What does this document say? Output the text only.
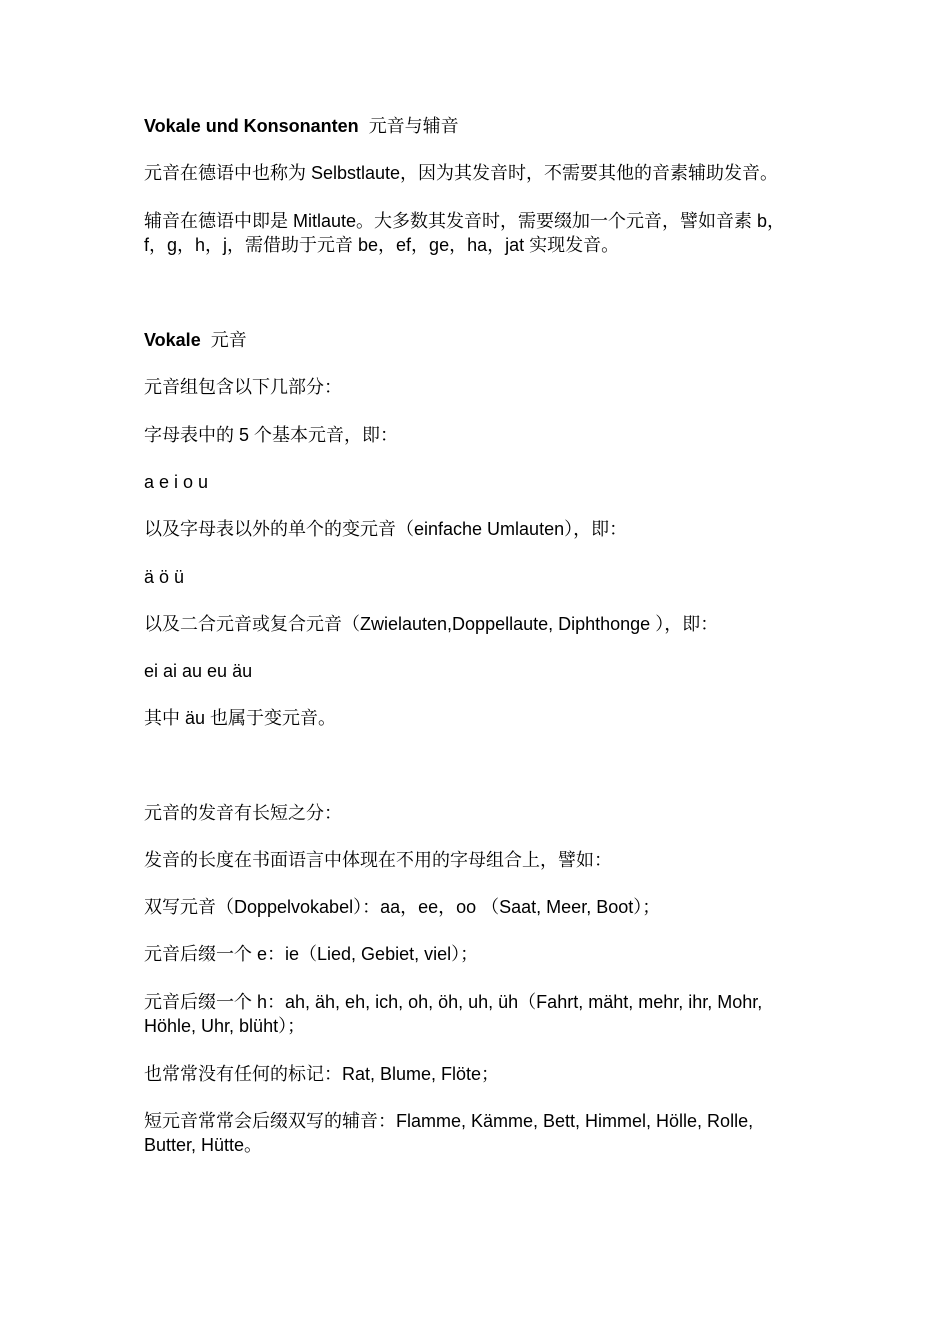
Vokale und Konsonanten 元音与辅音
元音在德语中也称为 Selbstlaute，因为其发音时，不需要其他的音素辅助发音。
辅音在德语中即是 Mitlaute。大多数其发音时，需要缀加一个元音，譬如音素 b，
f，g，h，j，需借助于元音 be，ef，ge，ha，jat 实现发音。
Vokale 元音
元音组包含以下几部分：
字母表中的 5 个基本元音，即：
a e i o u
以及字母表以外的单个的变元音（einfache Umlauten），即：
ä ö ü
以及二合元音或复合元音（Zwielauten,Doppellaute, Diphthonge ），即：
ei ai au eu äu
其中 äu 也属于变元音。
元音的发音有长短之分：
发音的长度在书面语言中体现在不用的字母组合上，譬如：
双写元音（Doppelvokabel）：aa，ee，oo （Saat, Meer, Boot）；
元音后缀一个 e：ie（Lied, Gebiet, viel）；
元音后缀一个 h：ah, äh, eh, ich, oh, öh, uh, üh（Fahrt, mäht, mehr, ihr, Mohr,
Höhle, Uhr, blüht）；
也常常没有任何的标记：Rat, Blume, Flöte；
短元音常常会后缀双写的辅音：Flamme, Kämme, Bett, Himmel, Hölle, Rolle,
Butter, Hütte。
